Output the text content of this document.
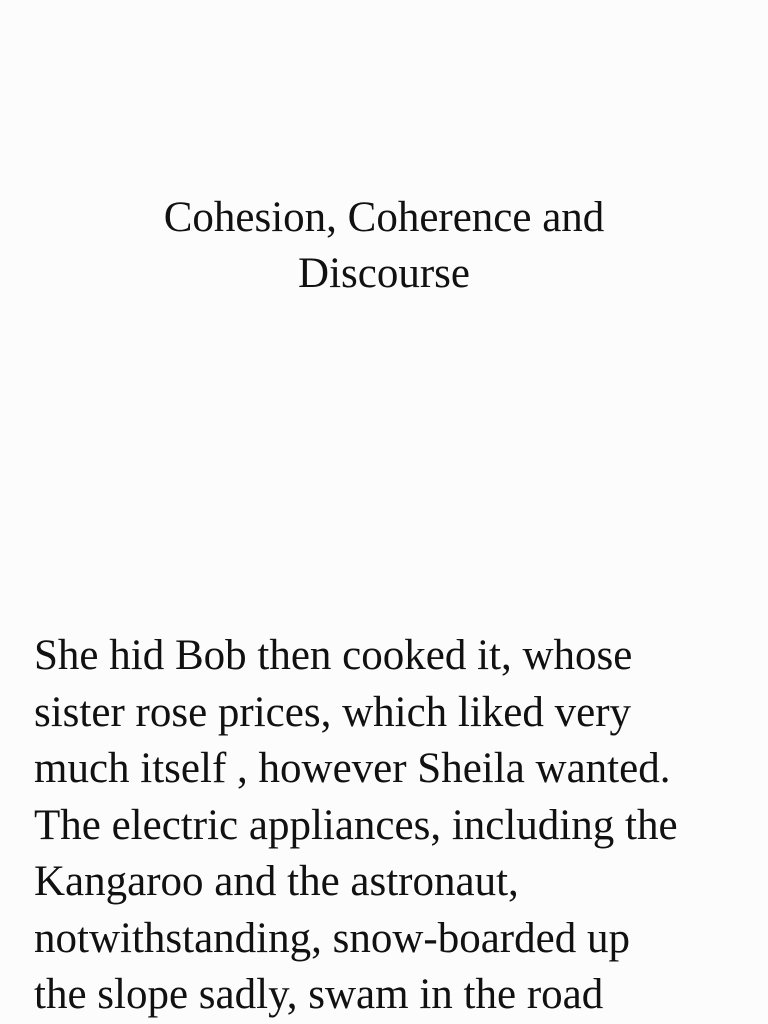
Cohesion, Coherence and
Discourse

She hid Bob then cooked it, whose
sister rose prices, which liked very
much itself , however Sheila wanted.
The electric appliances, including the
Kangaroo and the astronaut,
notwithstanding, snow-boarded up
the slope sadly, swam in the road
